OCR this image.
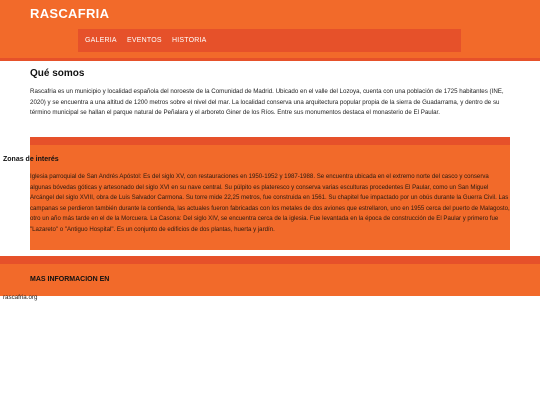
RASCAFRIA
GALERIA EVENTOS HISTORIA
Qué somos

Rascafria es un municipio y localidad española del noroeste de la Comunidad de Madrid. Ubicado en el valle del Lozoya, cuenta con una población de 1725 habitantes (INE, 2020) y se encuentra a una altitud de 1200 metros sobre el nivel del mar. La localidad conserva una arquitectura popular propia de la sierra de Guadarrama, y dentro de su término municipal se hallan el parque natural de Peñalara y el arboreto Giner de los Ríos. Entre sus monumentos destaca el monasterio de El Paular.

Zonas de interés

Iglesia parroquial de San Andrés Apóstol: Es del siglo XV, con restauraciones en 1950-1952 y 1987-1988. Se encuentra ubicada en el extremo norte del casco y conserva algunas bóvedas góticas y artesonado del siglo XVI en su nave central. Su púlpito es plateresco y conserva varias esculturas procedentes El Paular, como un San Miguel Arcángel del siglo XVIII, obra de Luis Salvador Carmona. Su torre mide 22,25 metros, fue construida en 1561. Su chapitel fue impactado por un obús durante la Guerra Civil. Las campanas se perdieron también durante la contienda, las actuales fueron fabricadas con los metales de dos aviones que estrellaron, uno en 1955 cerca del puerto de Malagosto, otro un año más tarde en el de la Morcuera. La Casona: Del siglo XIV, se encuentra cerca de la iglesia. Fue levantada en la época de construcción de El Paular y primero fue "Lazareto" o "Antiguo Hospital". Es un conjunto de edificios de dos plantas, huerta y jardín.

MAS INFORMACION EN
rascafria.org
